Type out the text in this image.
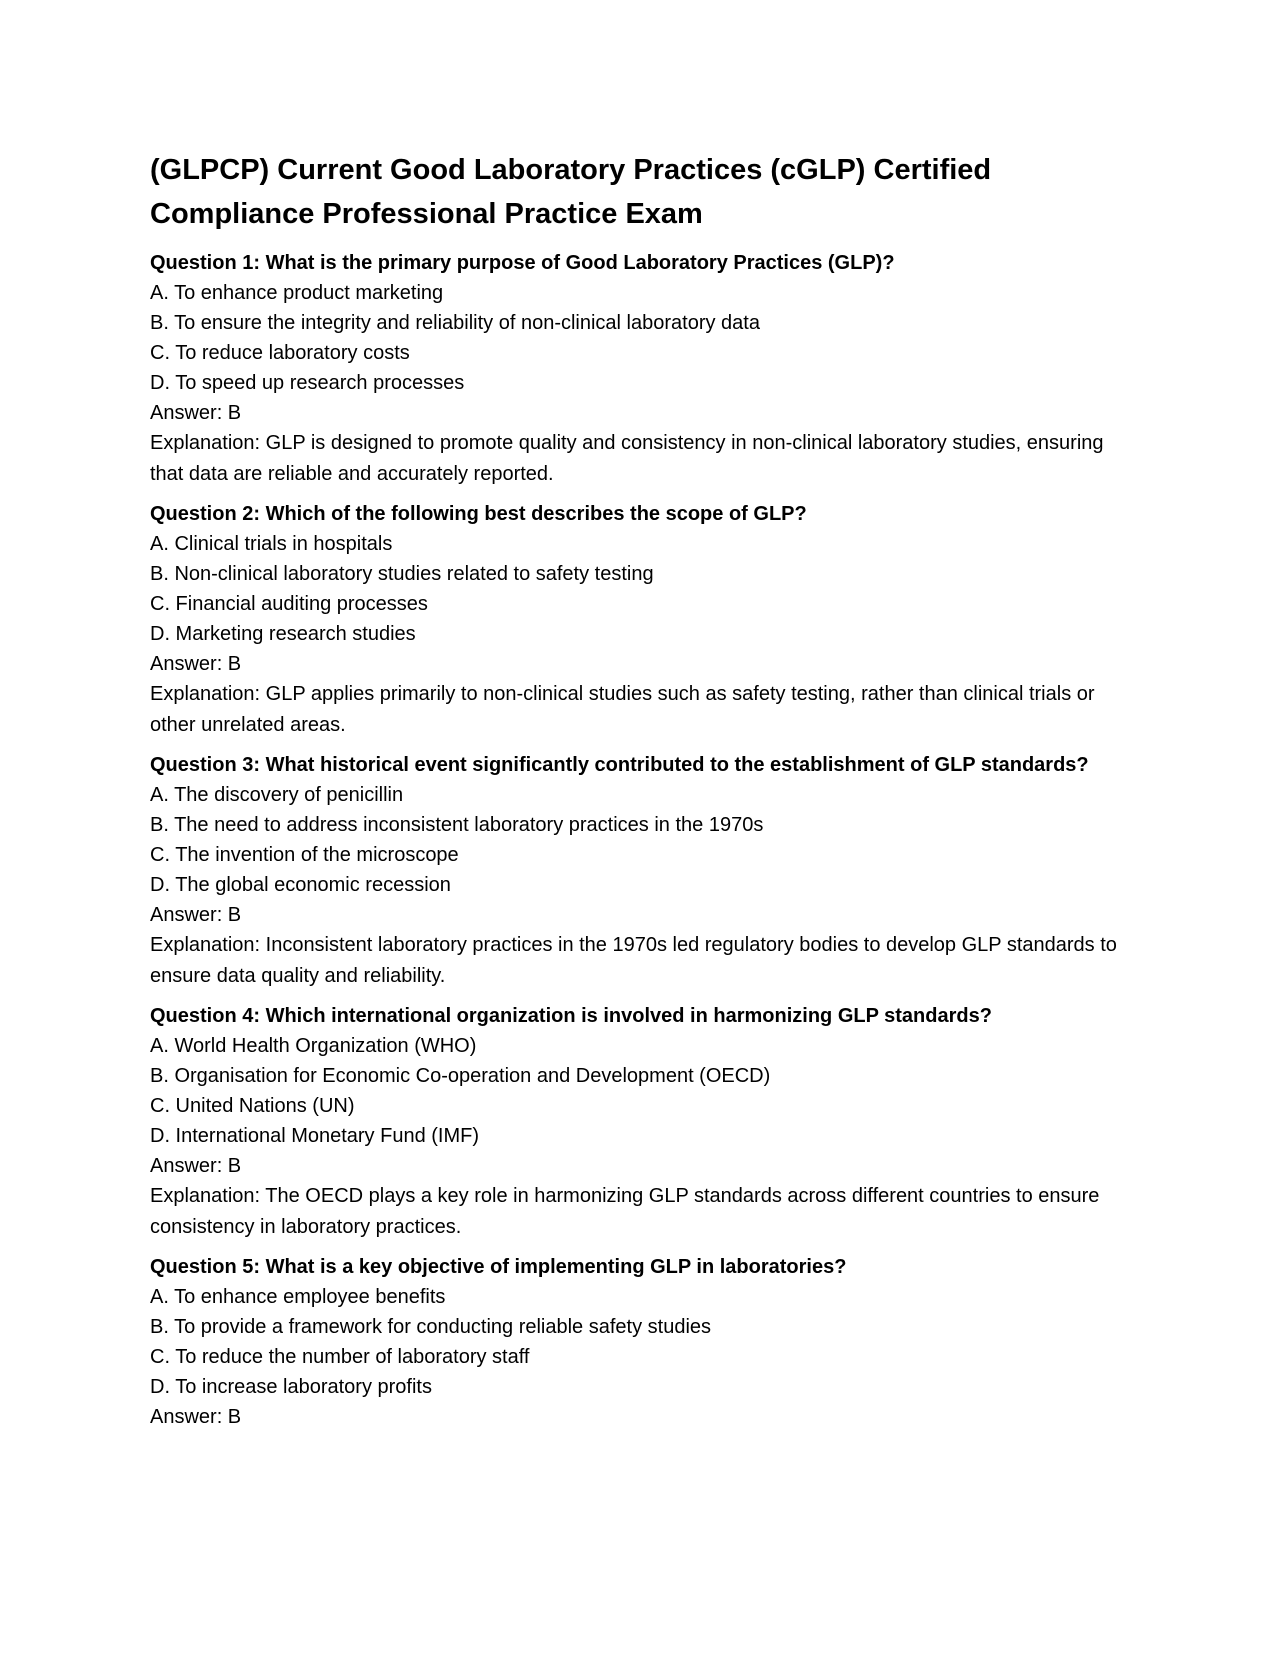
(GLPCP) Current Good Laboratory Practices (cGLP) Certified Compliance Professional Practice Exam

Question 1: What is the primary purpose of Good Laboratory Practices (GLP)?

A. To enhance product marketing

B. To ensure the integrity and reliability of non-clinical laboratory data

C. To reduce laboratory costs

D. To speed up research processes

Answer: B

Explanation: GLP is designed to promote quality and consistency in non-clinical laboratory studies, ensuring that data are reliable and accurately reported.

Question 2: Which of the following best describes the scope of GLP?

A. Clinical trials in hospitals

B. Non-clinical laboratory studies related to safety testing

C. Financial auditing processes

D. Marketing research studies

Answer: B

Explanation: GLP applies primarily to non-clinical studies such as safety testing, rather than clinical trials or other unrelated areas.

Question 3: What historical event significantly contributed to the establishment of GLP standards?

A. The discovery of penicillin

B. The need to address inconsistent laboratory practices in the 1970s

C. The invention of the microscope

D. The global economic recession

Answer: B

Explanation: Inconsistent laboratory practices in the 1970s led regulatory bodies to develop GLP standards to ensure data quality and reliability.

Question 4: Which international organization is involved in harmonizing GLP standards?

A. World Health Organization (WHO)

B. Organisation for Economic Co-operation and Development (OECD)

C. United Nations (UN)

D. International Monetary Fund (IMF)

Answer: B

Explanation: The OECD plays a key role in harmonizing GLP standards across different countries to ensure consistency in laboratory practices.

Question 5: What is a key objective of implementing GLP in laboratories?

A. To enhance employee benefits

B. To provide a framework for conducting reliable safety studies

C. To reduce the number of laboratory staff

D. To increase laboratory profits

Answer: B
